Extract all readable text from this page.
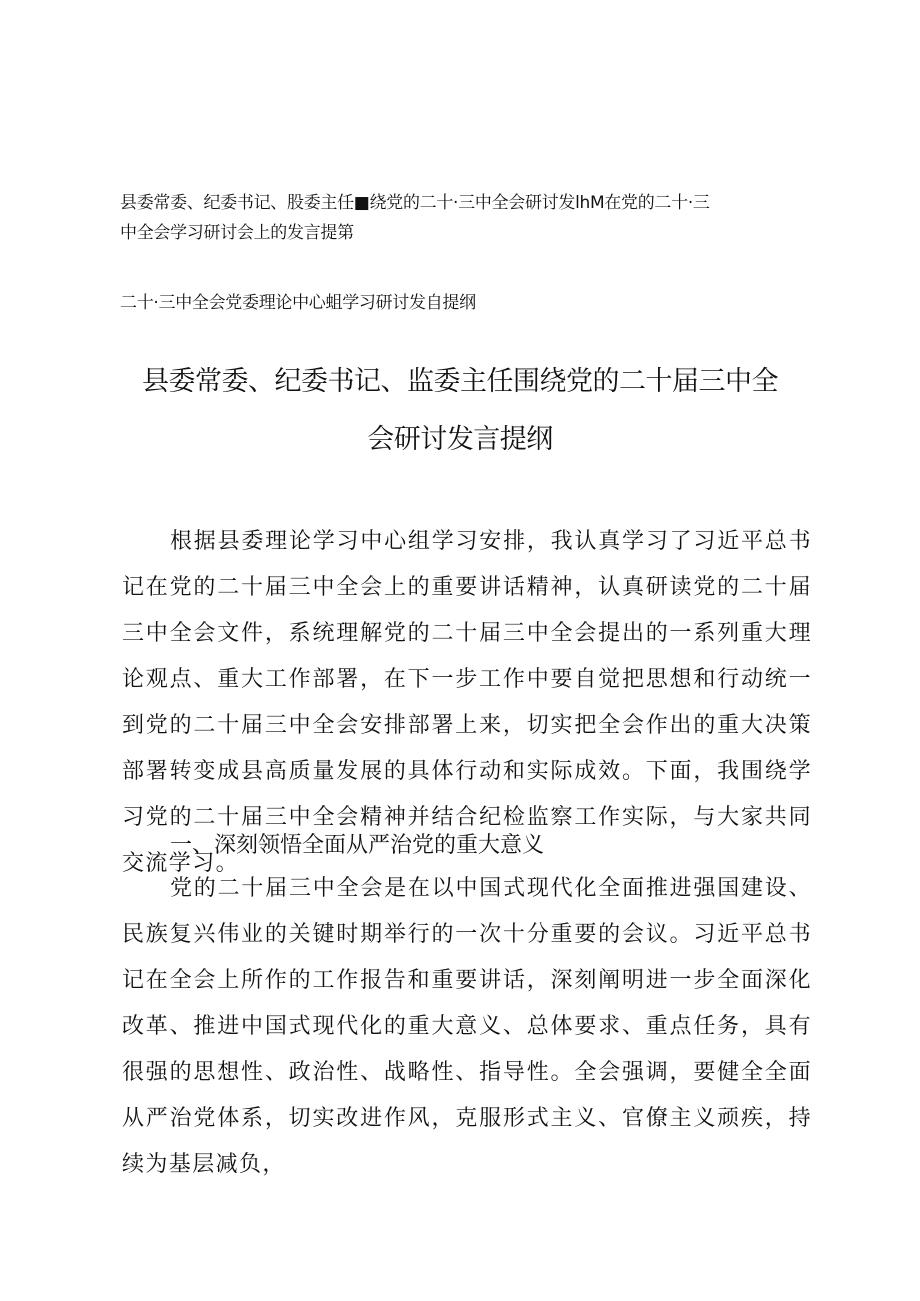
县委常委、纪委书记、股委主任■绕党的二十·三中全会研讨发lhM在党的二十·三
中全会学习研讨会上的发言提第
二十·三中全会党委理论中心蛆学习研讨发自提纲
县委常委、纪委书记、监委主任围绕党的二十届三中全
会研讨发言提纲

根据县委理论学习中心组学习安排，我认真学习了习近平总书记在党的二十届三中全会上的重要讲话精神，认真研读党的二十届三中全会文件，系统理解党的二十届三中全会提出的一系列重大理论观点、重大工作部署，在下一步工作中要自觉把思想和行动统一到党的二十届三中全会安排部署上来，切实把全会作出的重大决策部署转变成县高质量发展的具体行动和实际成效。下面，我围绕学习党的二十届三中全会精神并结合纪检监察工作实际，与大家共同交流学习。

一、深刻领悟全面从严治党的重大意义

党的二十届三中全会是在以中国式现代化全面推进强国建设、民族复兴伟业的关键时期举行的一次十分重要的会议。习近平总书记在全会上所作的工作报告和重要讲话，深刻阐明进一步全面深化改革、推进中国式现代化的重大意义、总体要求、重点任务，具有很强的思想性、政治性、战略性、指导性。全会强调，要健全全面从严治党体系，切实改进作风，克服形式主义、官僚主义顽疾，持续为基层减负，
